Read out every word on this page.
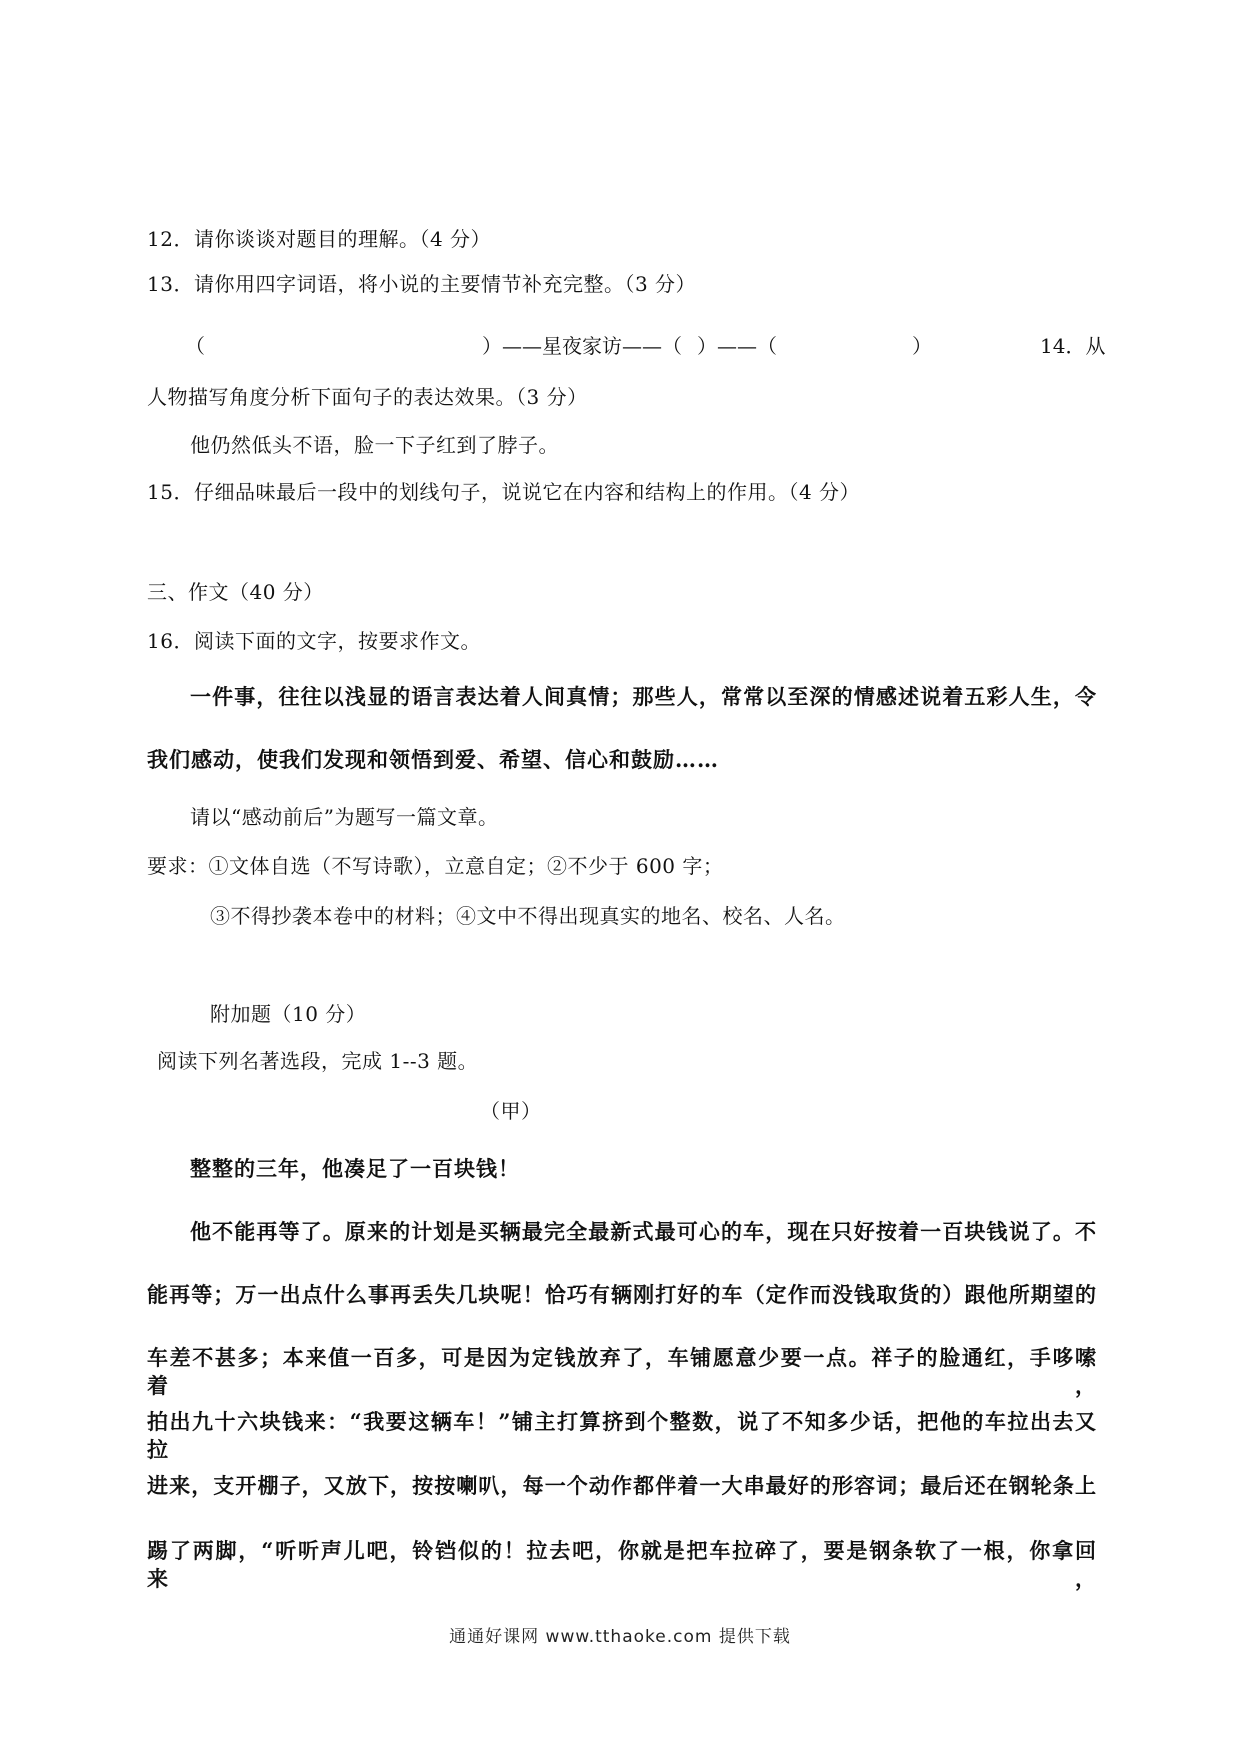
12．请你谈谈对题目的理解。（4 分）
13．请你用四字词语，将小说的主要情节补充完整。（3 分）
（	）——星夜家访——（ ）——（	）	14．从
人物描写角度分析下面句子的表达效果。（3 分）
他仍然低头不语，脸一下子红到了脖子。
15．仔细品味最后一段中的划线句子，说说它在内容和结构上的作用。（4 分）
三、作文（40 分）
16．阅读下面的文字，按要求作文。
一件事，往往以浅显的语言表达着人间真情；那些人，常常以至深的情感述说着五彩人生，令
我们感动，使我们发现和领悟到爱、希望、信心和鼓励……
请以“感动前后”为题写一篇文章。
要求：①文体自选（不写诗歌），立意自定；②不少于 600 字；
③不得抄袭本卷中的材料；④文中不得出现真实的地名、校名、人名。
附加题（10 分）
阅读下列名著选段，完成 1--3 题。
（甲）
整整的三年，他凑足了一百块钱！
他不能再等了。原来的计划是买辆最完全最新式最可心的车，现在只好按着一百块钱说了。不
能再等；万一出点什么事再丢失几块呢！恰巧有辆刚打好的车（定作而没钱取货的）跟他所期望的
车差不甚多；本来值一百多，可是因为定钱放弃了，车铺愿意少要一点。祥子的脸通红，手哆嗦着，
拍出九十六块钱来：“我要这辆车！”铺主打算挤到个整数，说了不知多少话，把他的车拉出去又拉
进来，支开棚子，又放下，按按喇叭，每一个动作都伴着一大串最好的形容词；最后还在钢轮条上
踢了两脚，“听听声儿吧，铃铛似的！拉去吧，你就是把车拉碎了，要是钢条软了一根，你拿回来，
通通好课网 www.tthaoke.com 提供下载
